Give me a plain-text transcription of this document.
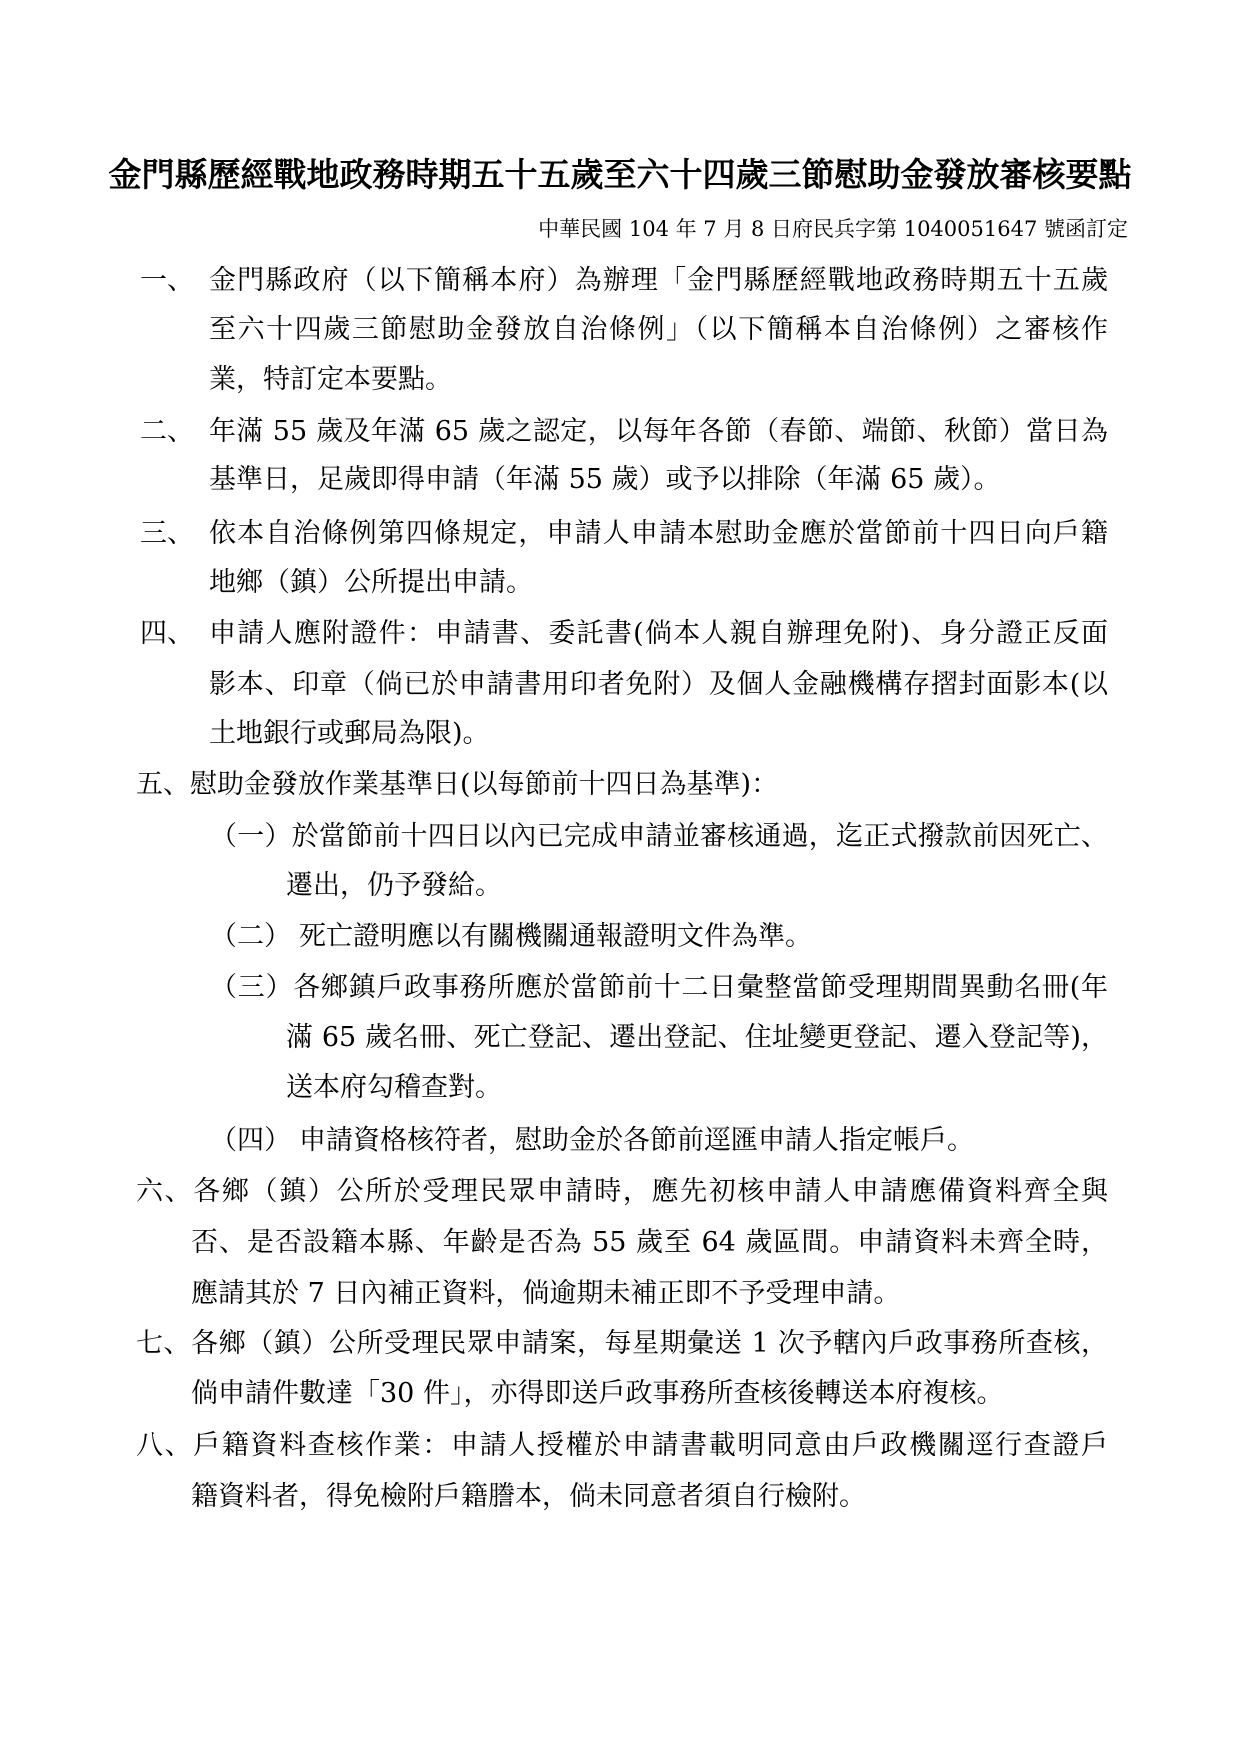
金門縣歷經戰地政務時期五十五歲至六十四歲三節慰助金發放審核要點
中華民國 104 年 7 月 8 日府民兵字第 1040051647 號函訂定
一、 金門縣政府（以下簡稱本府）為辦理「金門縣歷經戰地政務時期五十五歲
至六十四歲三節慰助金發放自治條例」（以下簡稱本自治條例）之審核作
業，特訂定本要點。
二、 年滿 55 歲及年滿 65 歲之認定，以每年各節（春節、端節、秋節）當日為
基準日，足歲即得申請（年滿 55 歲）或予以排除（年滿 65 歲）。
三、 依本自治條例第四條規定，申請人申請本慰助金應於當節前十四日向戶籍
地鄉（鎮）公所提出申請。
四、 申請人應附證件：申請書、委託書(倘本人親自辦理免附)、身分證正反面
影本、印章（倘已於申請書用印者免附）及個人金融機構存摺封面影本(以
土地銀行或郵局為限)。
五、慰助金發放作業基準日(以每節前十四日為基準)：
（一）於當節前十四日以內已完成申請並審核通過，迄正式撥款前因死亡、
遷出，仍予發給。
（二） 死亡證明應以有關機關通報證明文件為準。
（三）各鄉鎮戶政事務所應於當節前十二日彙整當節受理期間異動名冊(年
滿 65 歲名冊、死亡登記、遷出登記、住址變更登記、遷入登記等)，
送本府勾稽查對。
（四） 申請資格核符者，慰助金於各節前逕匯申請人指定帳戶。
六、各鄉（鎮）公所於受理民眾申請時，應先初核申請人申請應備資料齊全與
否、是否設籍本縣、年齡是否為 55 歲至 64 歲區間。申請資料未齊全時，
應請其於 7 日內補正資料，倘逾期未補正即不予受理申請。
七、各鄉（鎮）公所受理民眾申請案，每星期彙送 1 次予轄內戶政事務所查核，
倘申請件數達「30 件」，亦得即送戶政事務所查核後轉送本府複核。
八、戶籍資料查核作業：申請人授權於申請書載明同意由戶政機關逕行查證戶
籍資料者，得免檢附戶籍謄本，倘未同意者須自行檢附。
